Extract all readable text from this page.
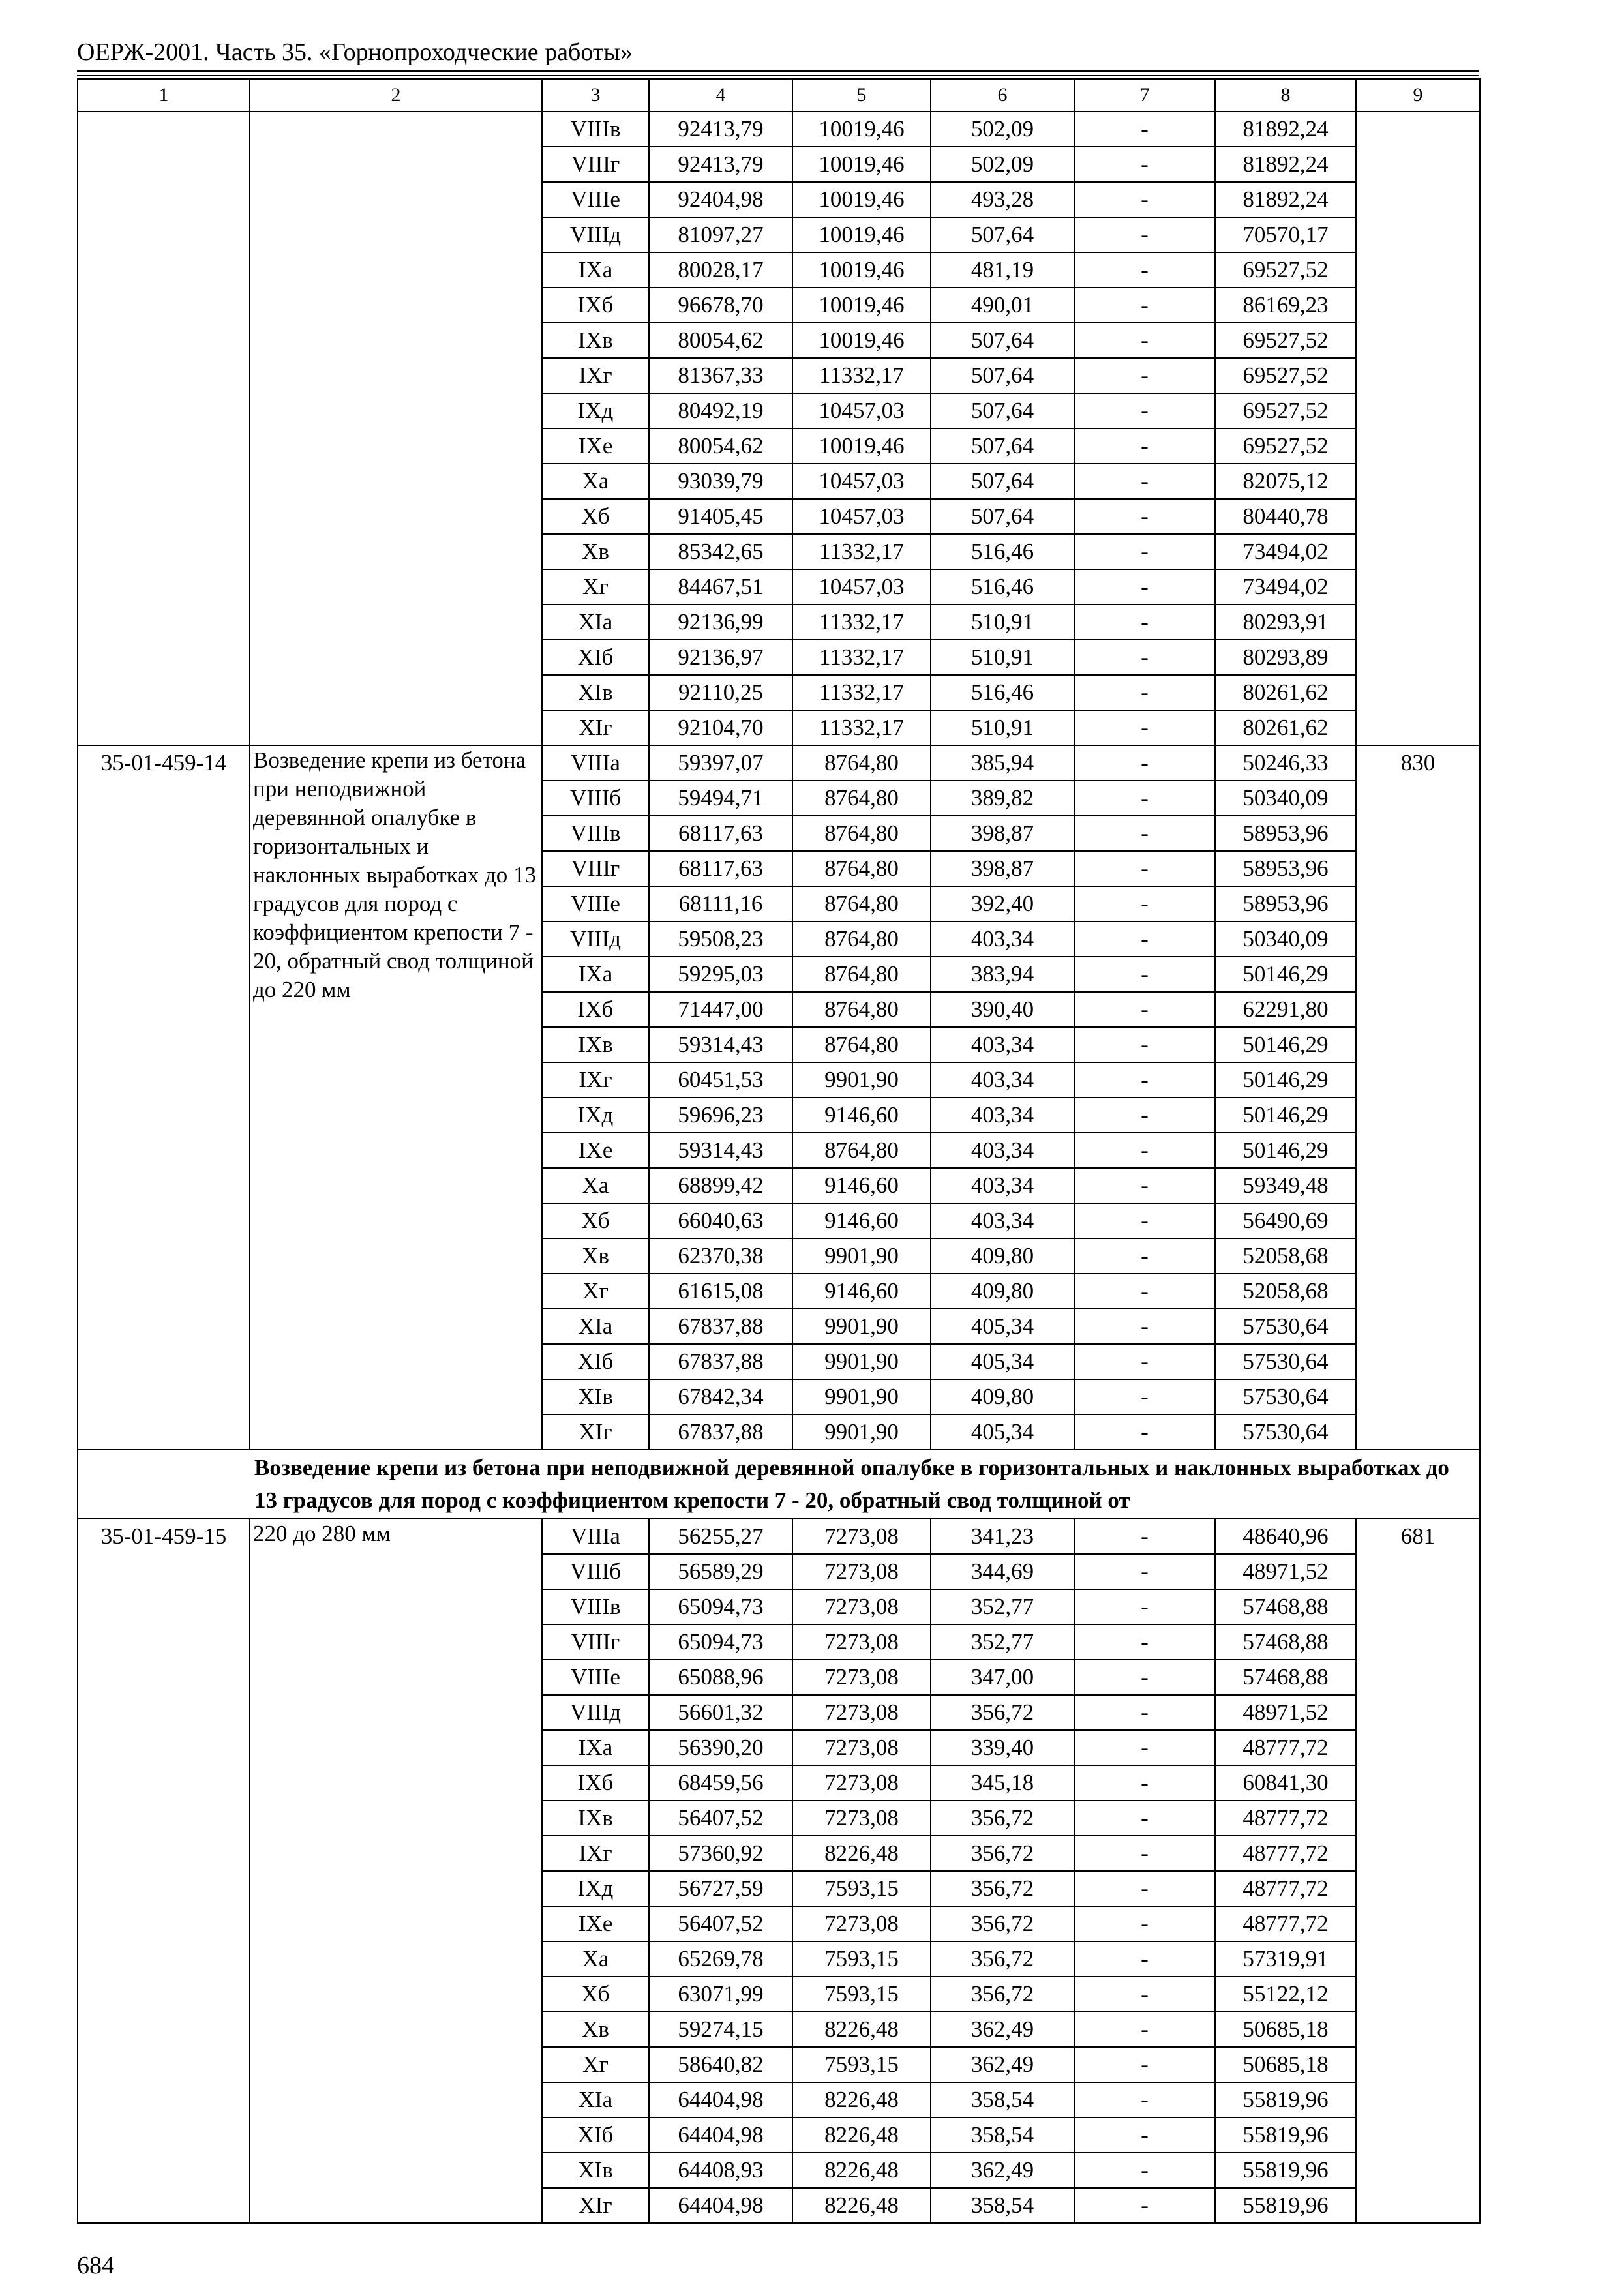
ОЕРЖ-2001. Часть 35. «Горнопроходческие работы»
1	2	3	4	5	6	7	8	9
		VIIIв	92413,79	10019,46	502,09	-	81892,24	
		VIIIг	92413,79	10019,46	502,09	-	81892,24	
		VIIIе	92404,98	10019,46	493,28	-	81892,24	
		VIIIд	81097,27	10019,46	507,64	-	70570,17	
		IXа	80028,17	10019,46	481,19	-	69527,52	
		IXб	96678,70	10019,46	490,01	-	86169,23	
		IXв	80054,62	10019,46	507,64	-	69527,52	
		IXг	81367,33	11332,17	507,64	-	69527,52	
		IXд	80492,19	10457,03	507,64	-	69527,52	
		IXе	80054,62	10019,46	507,64	-	69527,52	
		Xа	93039,79	10457,03	507,64	-	82075,12	
		Xб	91405,45	10457,03	507,64	-	80440,78	
		Xв	85342,65	11332,17	516,46	-	73494,02	
		Xг	84467,51	10457,03	516,46	-	73494,02	
		XIа	92136,99	11332,17	510,91	-	80293,91	
		XIб	92136,97	11332,17	510,91	-	80293,89	
		XIв	92110,25	11332,17	516,46	-	80261,62	
		XIг	92104,70	11332,17	510,91	-	80261,62	
35-01-459-14	Возведение крепи из бетона при неподвижной деревянной опалубке в горизонтальных и наклонных выработках до 13 градусов для пород с коэффициентом крепости 7 - 20, обратный свод толщиной до 220 мм	VIIIа	59397,07	8764,80	385,94	-	50246,33	830
		VIIIб	59494,71	8764,80	389,82	-	50340,09	
		VIIIв	68117,63	8764,80	398,87	-	58953,96	
		VIIIг	68117,63	8764,80	398,87	-	58953,96	
		VIIIе	68111,16	8764,80	392,40	-	58953,96	
		VIIIд	59508,23	8764,80	403,34	-	50340,09	
		IXа	59295,03	8764,80	383,94	-	50146,29	
		IXб	71447,00	8764,80	390,40	-	62291,80	
		IXв	59314,43	8764,80	403,34	-	50146,29	
		IXг	60451,53	9901,90	403,34	-	50146,29	
		IXд	59696,23	9146,60	403,34	-	50146,29	
		IXе	59314,43	8764,80	403,34	-	50146,29	
		Xа	68899,42	9146,60	403,34	-	59349,48	
		Xб	66040,63	9146,60	403,34	-	56490,69	
		Xв	62370,38	9901,90	409,80	-	52058,68	
		Xг	61615,08	9146,60	409,80	-	52058,68	
		XIа	67837,88	9901,90	405,34	-	57530,64	
		XIб	67837,88	9901,90	405,34	-	57530,64	
		XIв	67842,34	9901,90	409,80	-	57530,64	
		XIг	67837,88	9901,90	405,34	-	57530,64	
Возведение крепи из бетона при неподвижной деревянной опалубке в горизонтальных и наклонных выработках до 13 градусов для пород с коэффициентом крепости 7 - 20, обратный свод толщиной от								
35-01-459-15	220 до 280 мм	VIIIа	56255,27	7273,08	341,23	-	48640,96	681
		VIIIб	56589,29	7273,08	344,69	-	48971,52	
		VIIIв	65094,73	7273,08	352,77	-	57468,88	
		VIIIг	65094,73	7273,08	352,77	-	57468,88	
		VIIIе	65088,96	7273,08	347,00	-	57468,88	
		VIIIд	56601,32	7273,08	356,72	-	48971,52	
		IXа	56390,20	7273,08	339,40	-	48777,72	
		IXб	68459,56	7273,08	345,18	-	60841,30	
		IXв	56407,52	7273,08	356,72	-	48777,72	
		IXг	57360,92	8226,48	356,72	-	48777,72	
		IXд	56727,59	7593,15	356,72	-	48777,72	
		IXе	56407,52	7273,08	356,72	-	48777,72	
		Xа	65269,78	7593,15	356,72	-	57319,91	
		Xб	63071,99	7593,15	356,72	-	55122,12	
		Xв	59274,15	8226,48	362,49	-	50685,18	
		Xг	58640,82	7593,15	362,49	-	50685,18	
		XIа	64404,98	8226,48	358,54	-	55819,96	
		XIб	64404,98	8226,48	358,54	-	55819,96	
		XIв	64408,93	8226,48	362,49	-	55819,96	
		XIг	64404,98	8226,48	358,54	-	55819,96	
684
